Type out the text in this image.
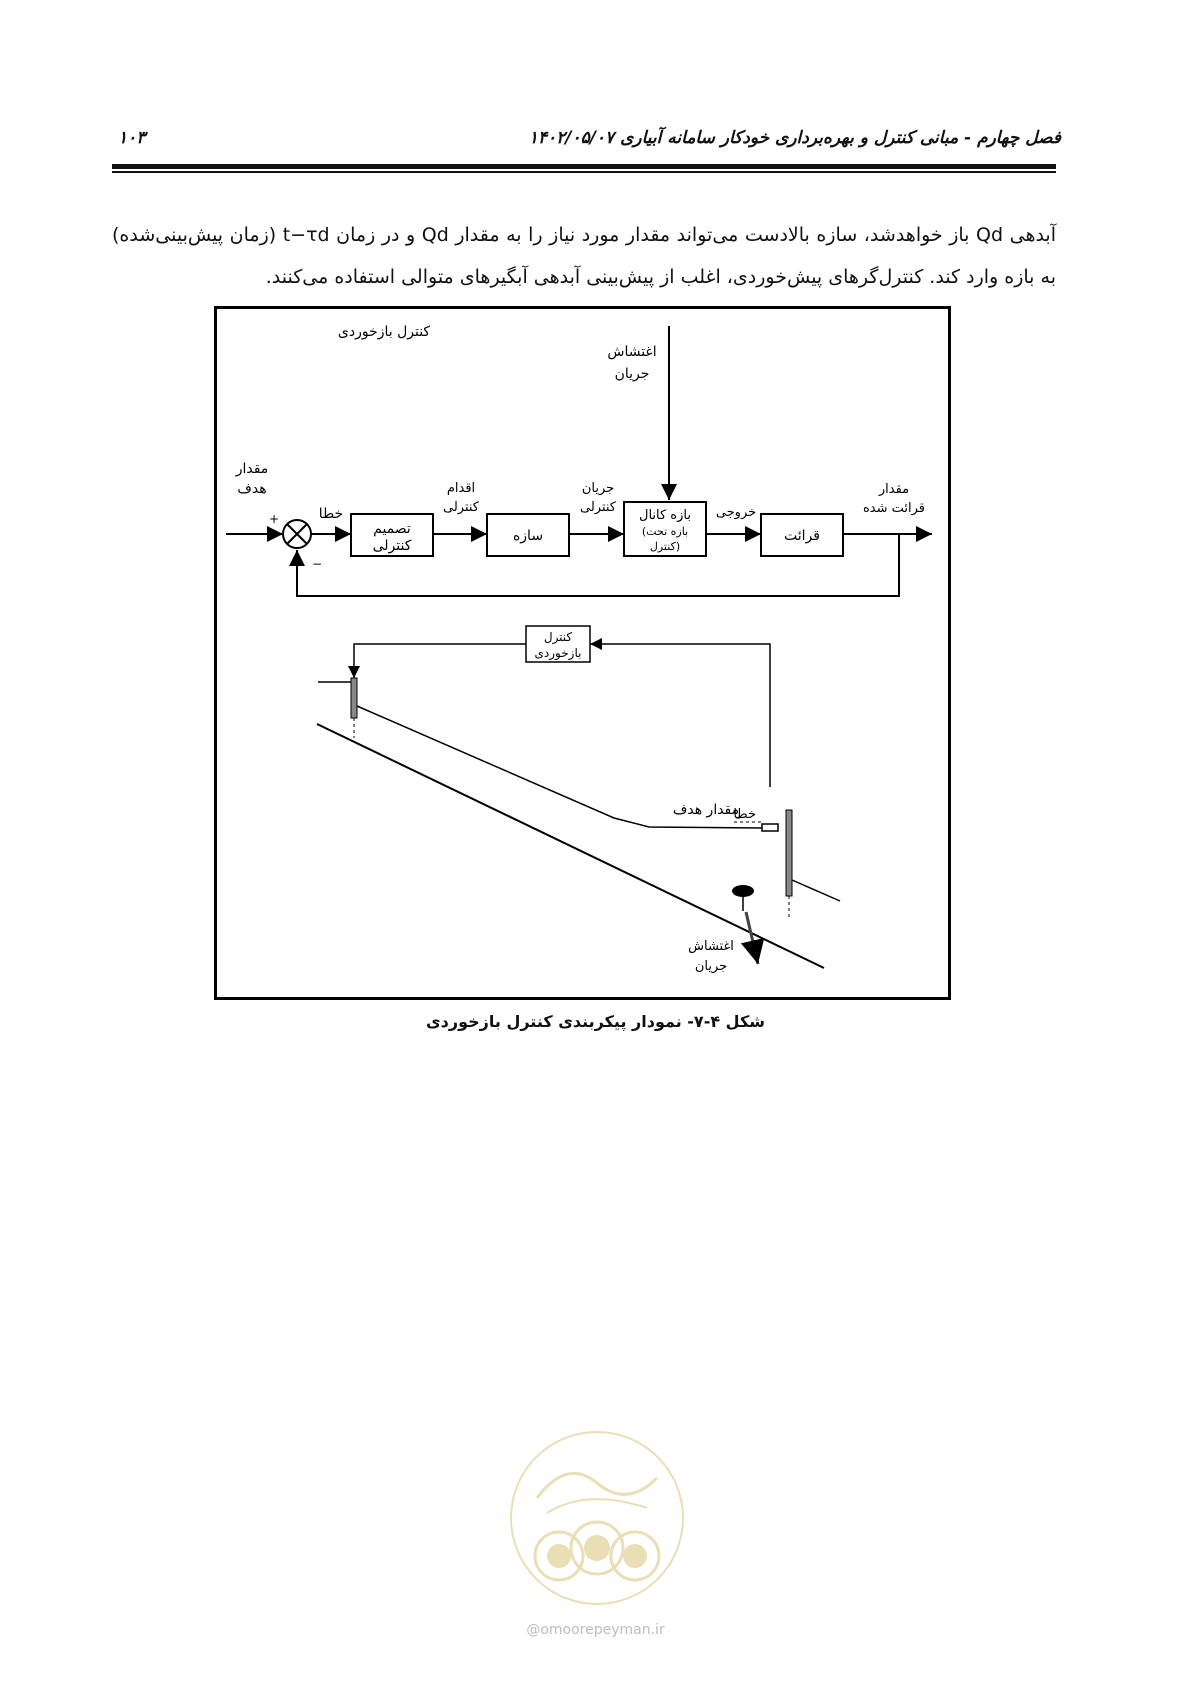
فصل چهارم - مبانی کنترل و بهره‌برداری خودکار سامانه آبیاری ۱۴۰۲/۰۵/۰۷
۱۰۳

آبدهی Qd باز خواهدشد، سازه بالادست می‌تواند مقدار مورد نیاز را به مقدار Qd و در زمان t−τd (زمان پیش‌بینی‌شده) به بازه وارد کند. کنترل‌گرهای پیش‌خوردی، اغلب از پیش‌بینی آبدهی آبگیرهای متوالی استفاده می‌کنند.

کنترل بازخوردی
اغتشاش
جریان
مقدار
هدف
+
−
خطا
تصمیم
کنترلی
اقدام
کنترلی
سازه
جریان
کنترلی
بازه کانال
(بازه تحت
کنترل)
خروجی
قرائت
مقدار
قرائت شده
کنترل
بازخوردی
مقدار هدف
خطا
اغتشاش
جریان
شکل ۴-۷- نمودار پیکربندی کنترل بازخوردی
@omoorepeyman.ir
